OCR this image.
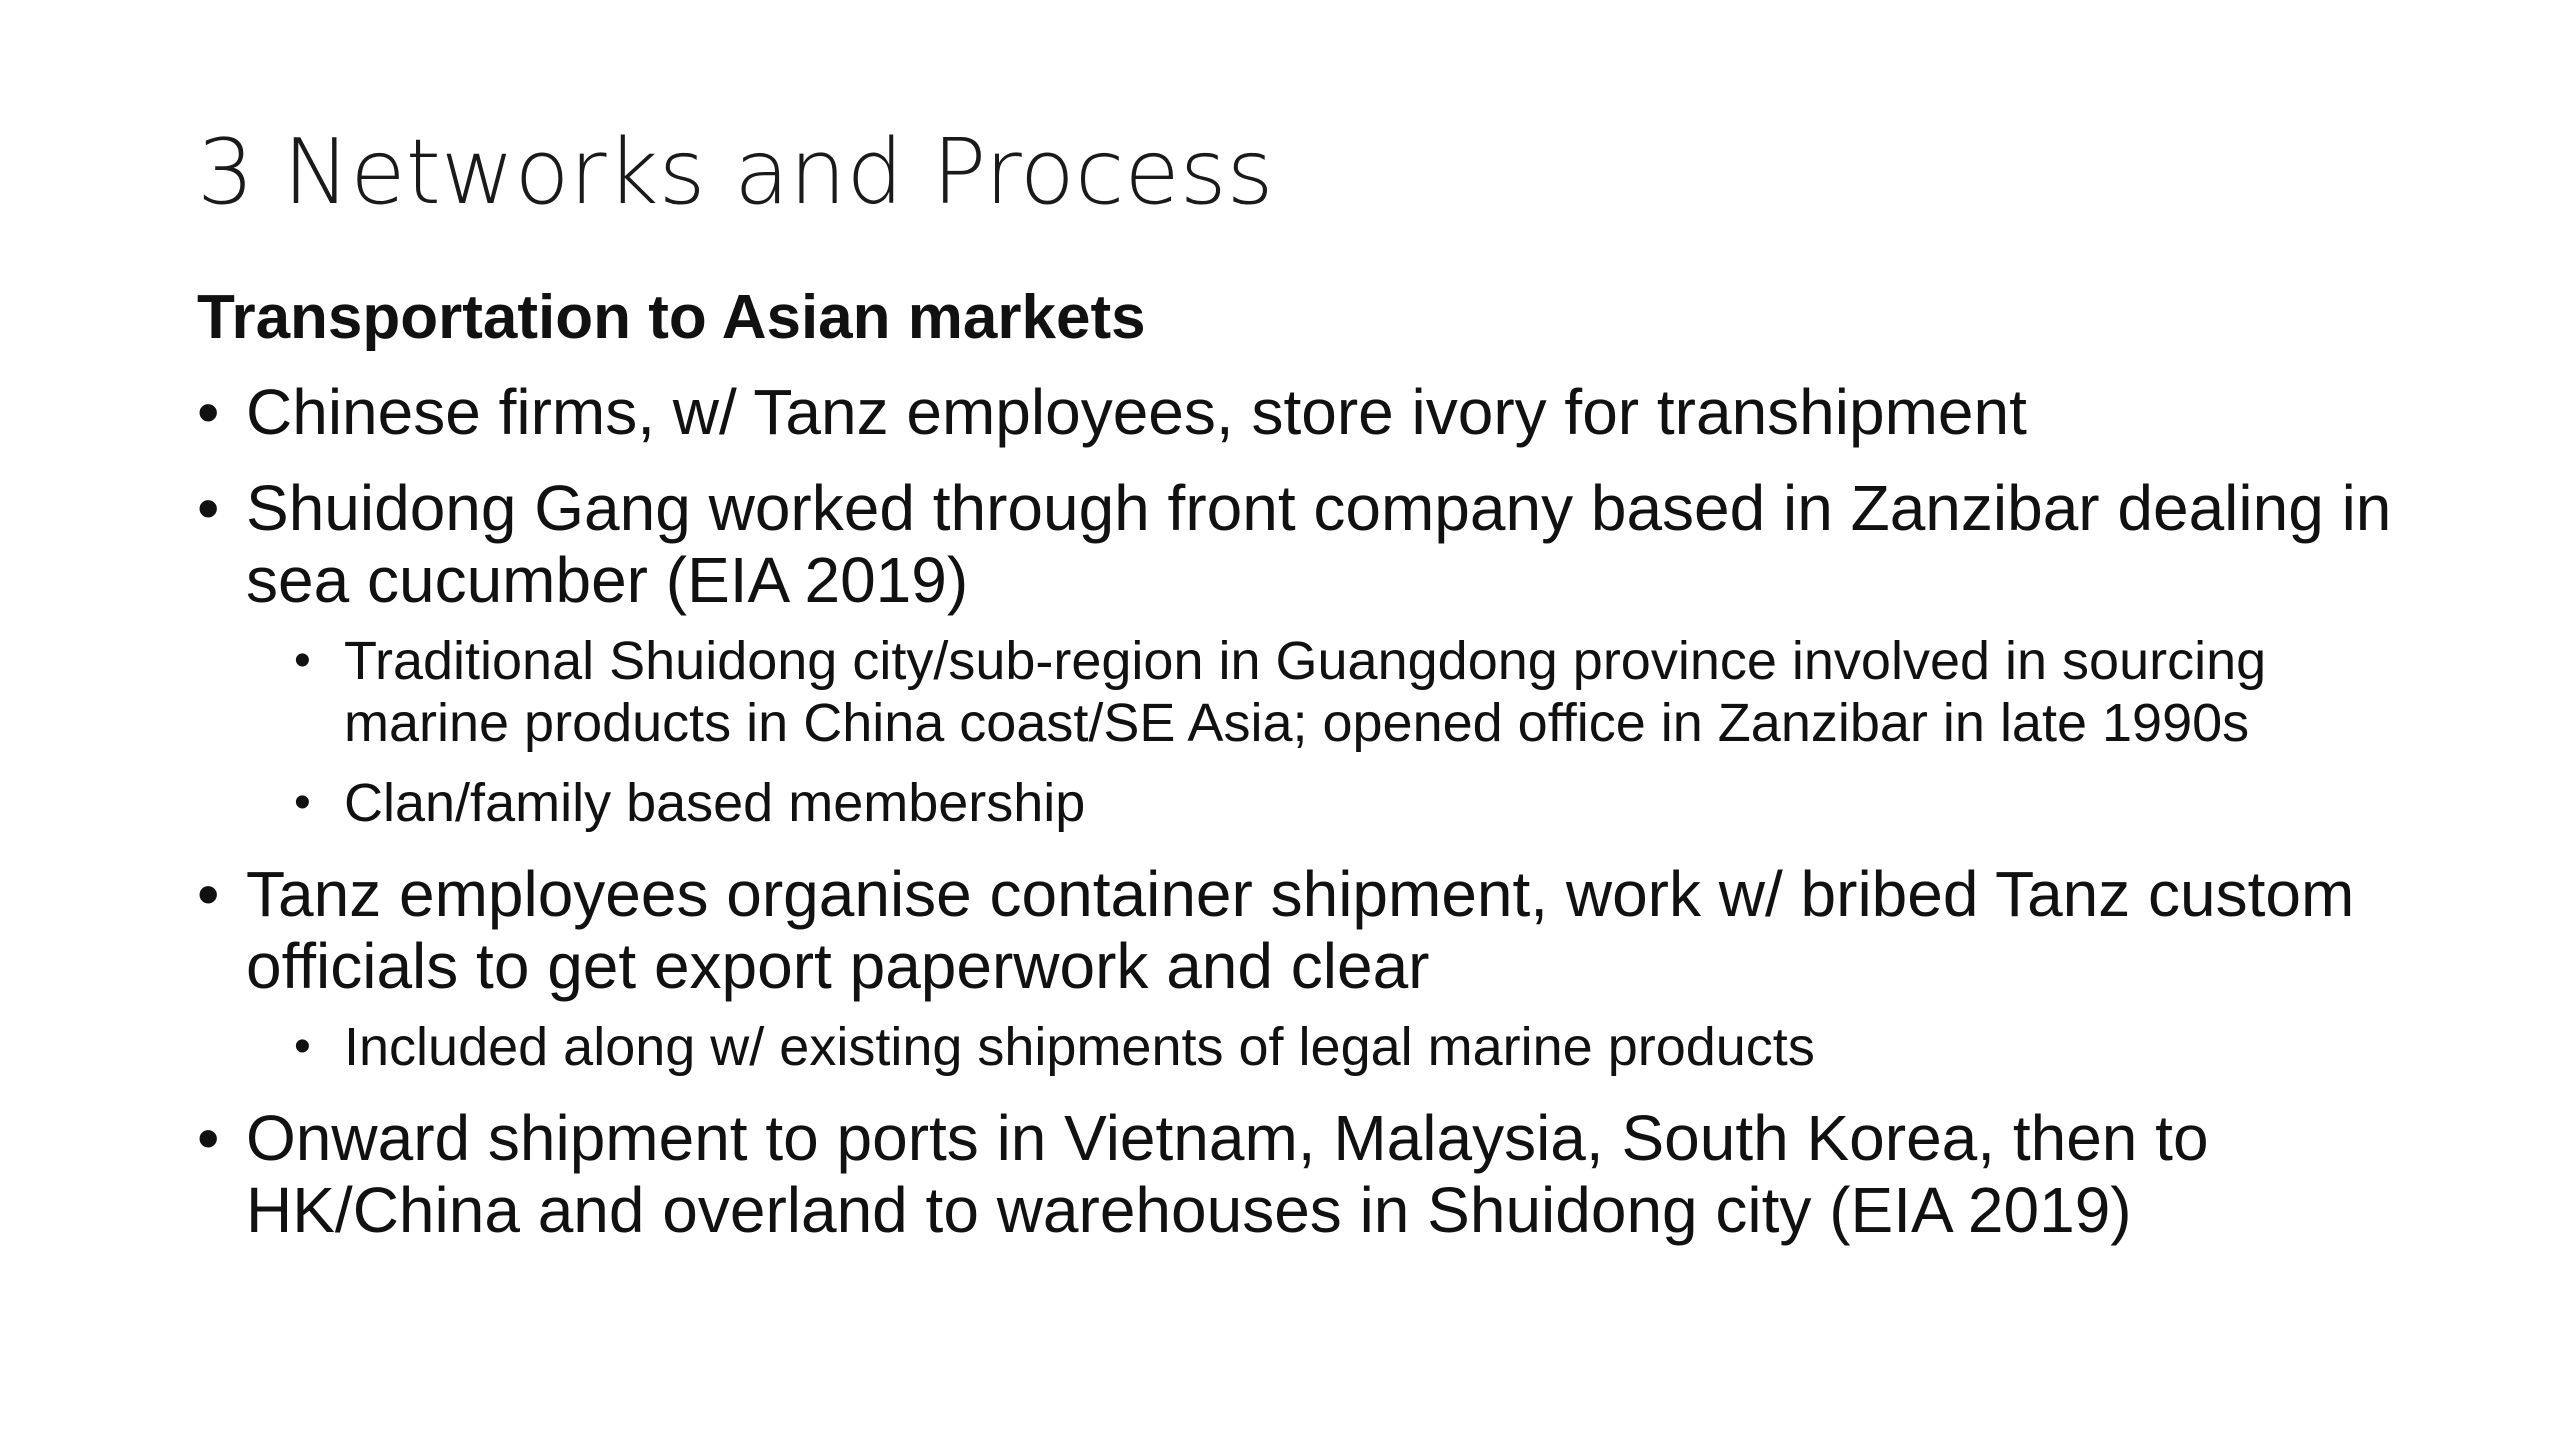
3 Networks and Process
Transportation to Asian markets
• Chinese firms, w/ Tanz employees, store ivory for transhipment
• Shuidong Gang worked through front company based in Zanzibar dealing in sea cucumber (EIA 2019)
• Traditional Shuidong city/sub-region in Guangdong province involved in sourcing marine products in China coast/SE Asia; opened office in Zanzibar in late 1990s
• Clan/family based membership
• Tanz employees organise container shipment, work w/ bribed Tanz custom officials to get export paperwork and clear
• Included along w/ existing shipments of legal marine products
• Onward shipment to ports in Vietnam, Malaysia, South Korea, then to HK/China and overland to warehouses in Shuidong city (EIA 2019)
